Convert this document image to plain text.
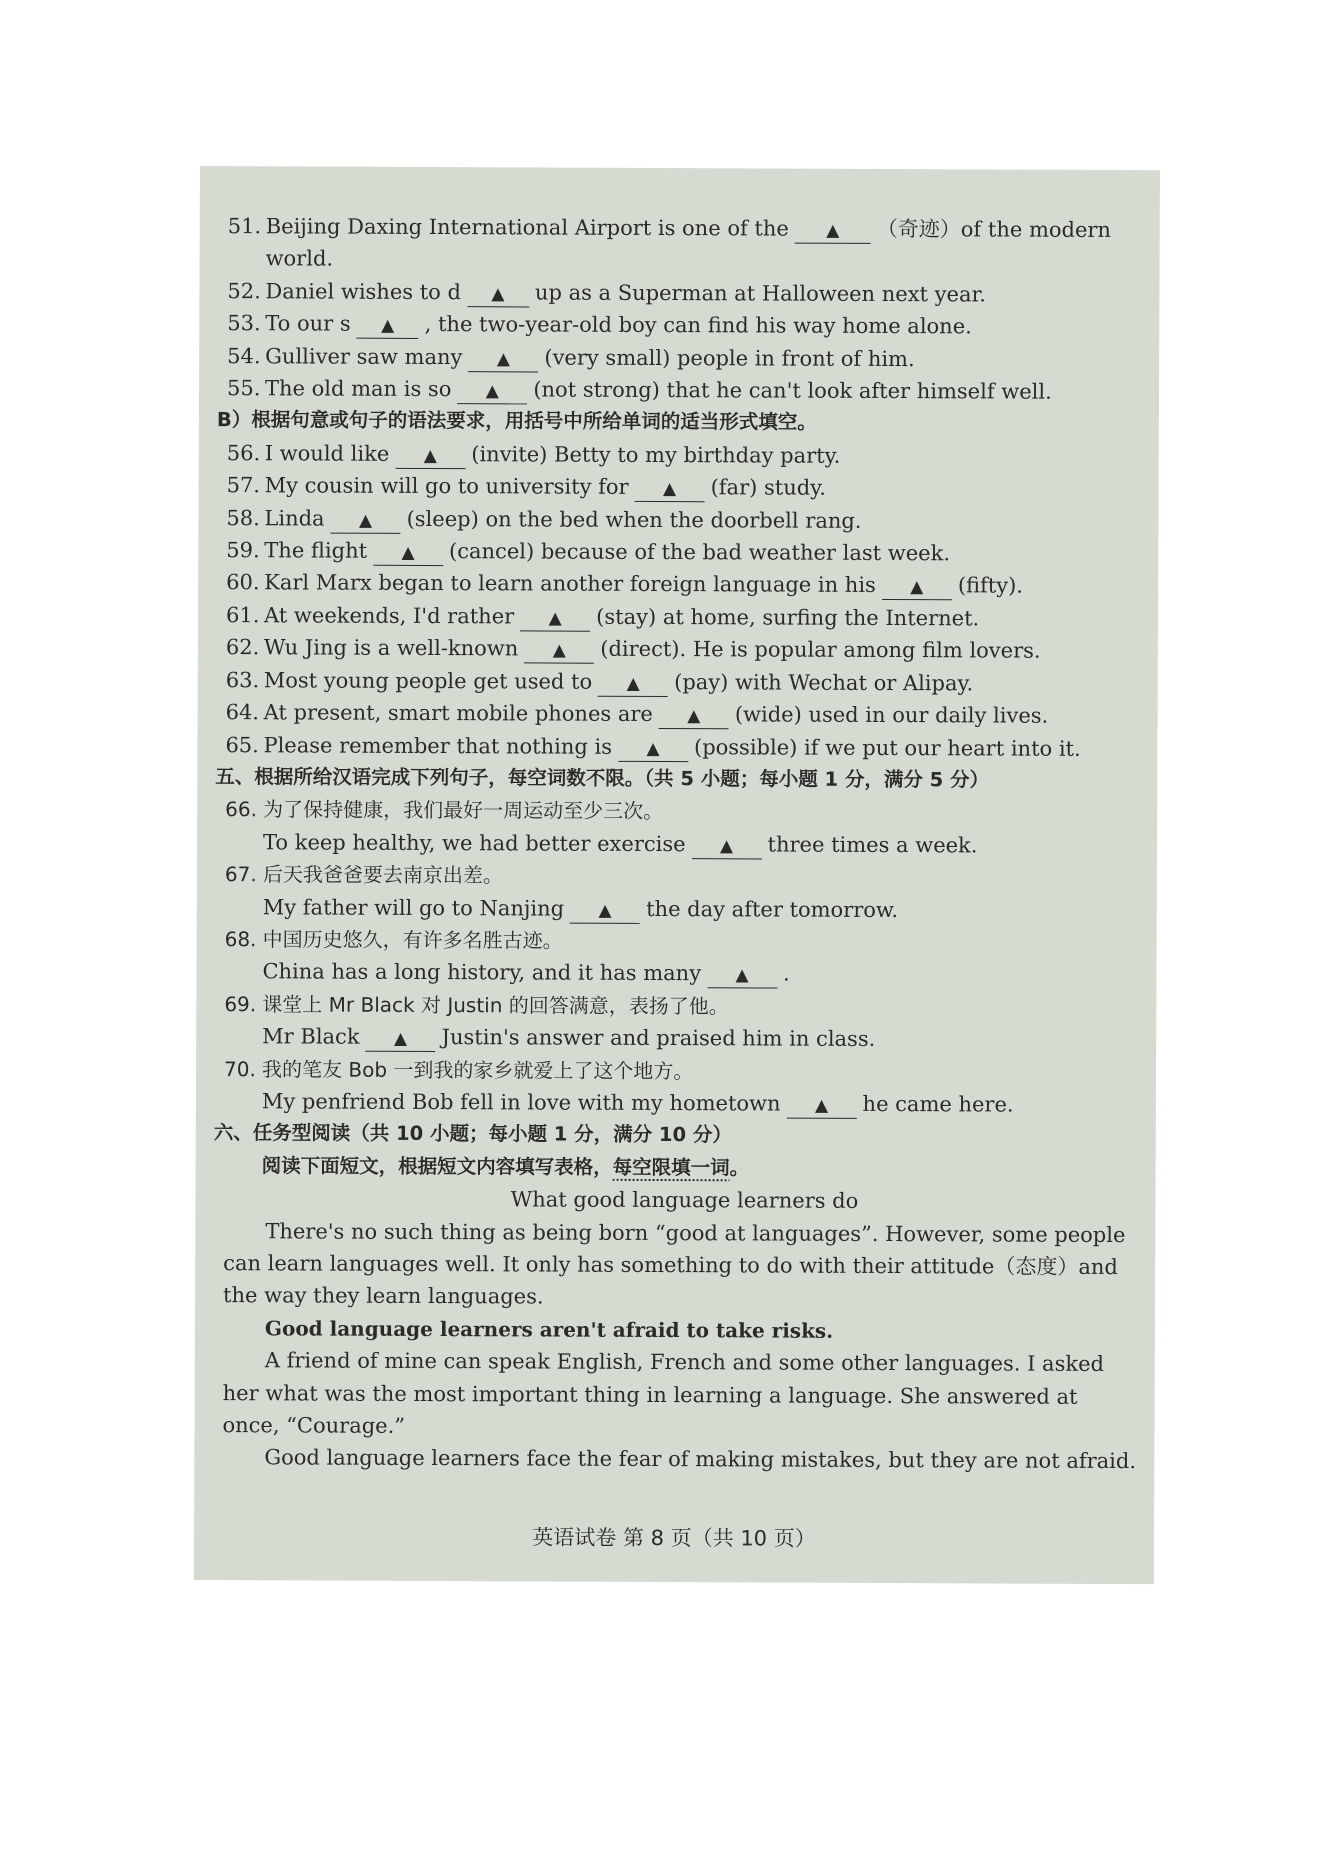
51. Beijing Daxing International Airport is one of the ▲ （奇迹）of the modern
world.
52. Daniel wishes to d ▲ up as a Superman at Halloween next year.
53. To our s ▲ , the two-year-old boy can find his way home alone.
54. Gulliver saw many ▲ (very small) people in front of him.
55. The old man is so ▲ (not strong) that he can't look after himself well.
B）根据句意或句子的语法要求，用括号中所给单词的适当形式填空。
56. I would like ▲ (invite) Betty to my birthday party.
57. My cousin will go to university for ▲ (far) study.
58. Linda ▲ (sleep) on the bed when the doorbell rang.
59. The flight ▲ (cancel) because of the bad weather last week.
60. Karl Marx began to learn another foreign language in his ▲ (fifty).
61. At weekends, I'd rather ▲ (stay) at home, surfing the Internet.
62. Wu Jing is a well-known ▲ (direct). He is popular among film lovers.
63. Most young people get used to ▲ (pay) with Wechat or Alipay.
64. At present, smart mobile phones are ▲ (wide) used in our daily lives.
65. Please remember that nothing is ▲ (possible) if we put our heart into it.
五、根据所给汉语完成下列句子，每空词数不限。（共 5 小题；每小题 1 分，满分 5 分）
66. 为了保持健康，我们最好一周运动至少三次。
To keep healthy, we had better exercise ▲ three times a week.
67. 后天我爸爸要去南京出差。
My father will go to Nanjing ▲ the day after tomorrow.
68. 中国历史悠久，有许多名胜古迹。
China has a long history, and it has many ▲ .
69. 课堂上 Mr Black 对 Justin 的回答满意，表扬了他。
Mr Black ▲ Justin's answer and praised him in class.
70. 我的笔友 Bob 一到我的家乡就爱上了这个地方。
My penfriend Bob fell in love with my hometown ▲ he came here.
六、任务型阅读（共 10 小题；每小题 1 分，满分 10 分）
阅读下面短文，根据短文内容填写表格，每空限填一词。
What good language learners do

There's no such thing as being born “good at languages”. However, some people can learn languages well. It only has something to do with their attitude（态度）and the way they learn languages.

Good language learners aren't afraid to take risks.

A friend of mine can speak English, French and some other languages. I asked her what was the most important thing in learning a language. She answered at once, “Courage.”

Good language learners face the fear of making mistakes, but they are not afraid.

英语试卷 第 8 页（共 10 页）
